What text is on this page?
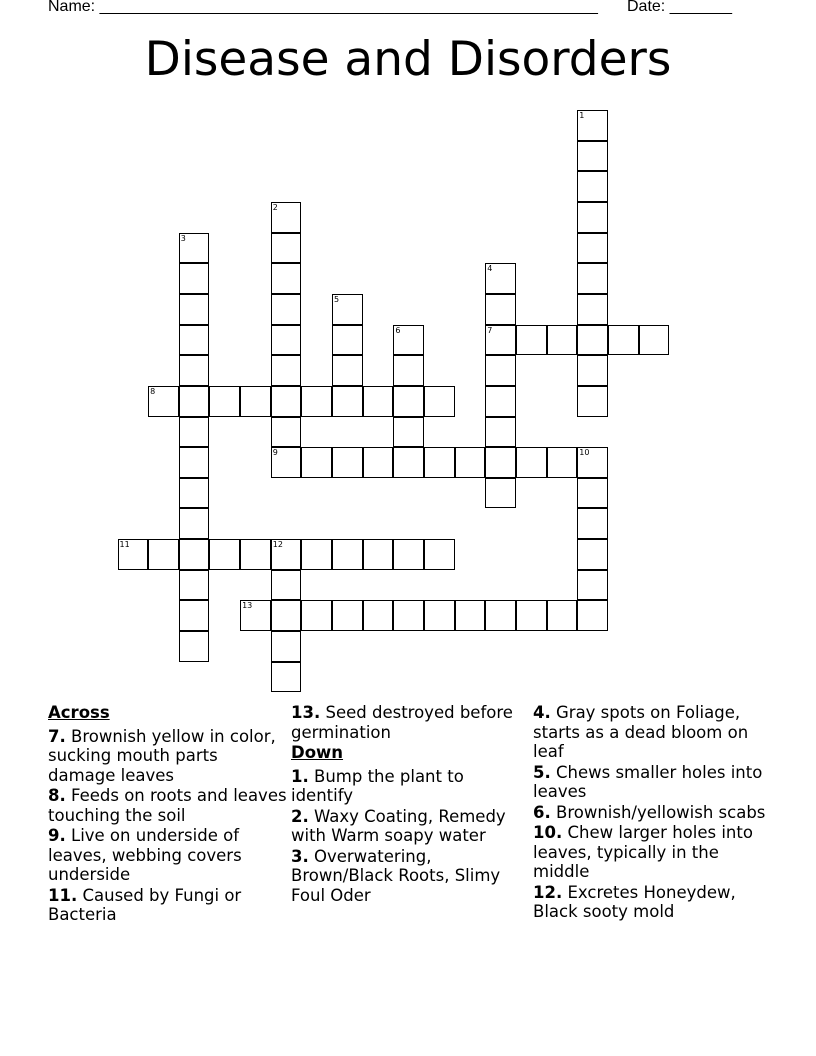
Name: ________________________________________________________ Date: _______
Disease and Disorders
7
8
9	10
11	12
13
1
2
3
4
5
6
Across
7. Brownish yellow in color, sucking mouth parts damage leaves
8. Feeds on roots and leaves touching the soil
9. Live on underside of leaves, webbing covers underside
11. Caused by Fungi or Bacteria
13. Seed destroyed before germination
Down
1. Bump the plant to identify
2. Waxy Coating, Remedy with Warm soapy water
3. Overwatering, Brown/Black Roots, Slimy Foul Oder
4. Gray spots on Foliage, starts as a dead bloom on leaf
5. Chews smaller holes into leaves
6. Brownish/yellowish scabs
10. Chew larger holes into leaves, typically in the middle
12. Excretes Honeydew, Black sooty mold
